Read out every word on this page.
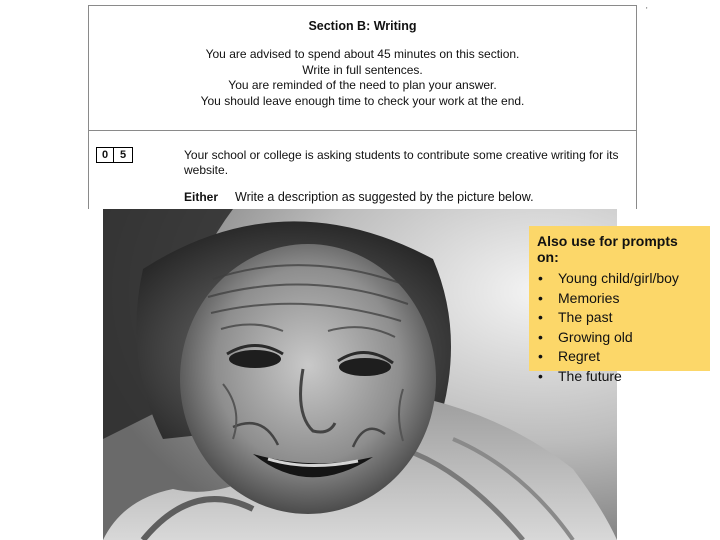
Section B: Writing
You are advised to spend about 45 minutes on this section.
Write in full sentences.
You are reminded of the need to plan your answer.
You should leave enough time to check your work at the end.
0	5	Your school or college is asking students to contribute some creative writing for its website.
Either Write a description as suggested by the picture below.
'
Also use for prompts on:
• Young child/girl/boy
• Memories
• The past
• Growing old
• Regret
• The future
